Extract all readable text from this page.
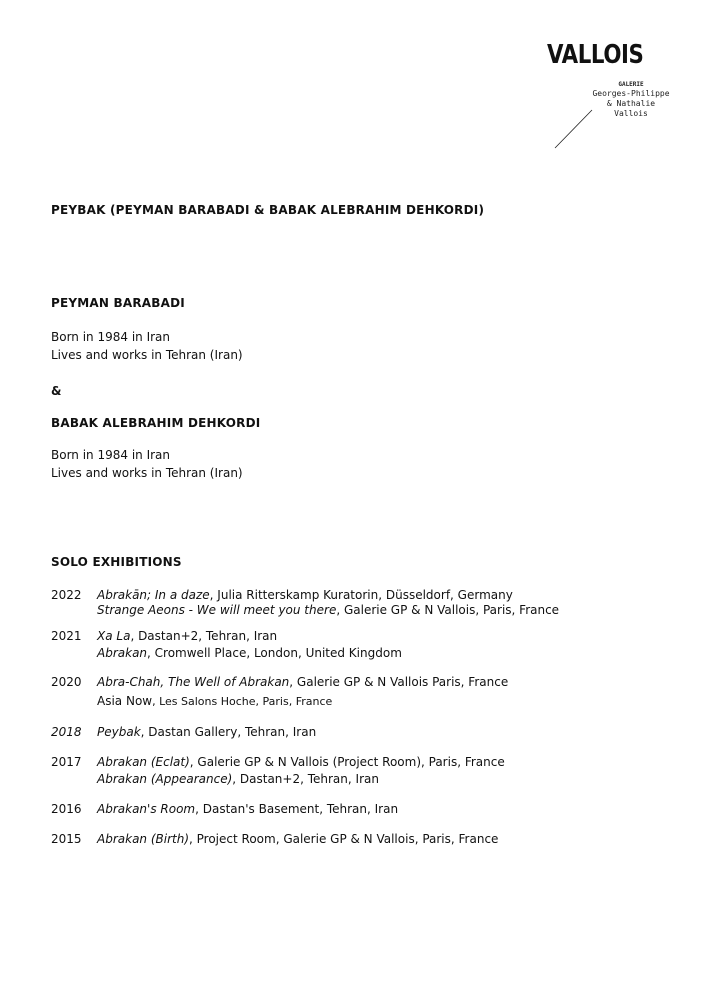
VALLOIS
GALERIE
Georges-Philippe
& Nathalie
Vallois
PEYBAK (PEYMAN BARABADI & BABAK ALEBRAHIM DEHKORDI)
PEYMAN BARABADI
Born in 1984 in Iran
Lives and works in Tehran (Iran)
&
BABAK ALEBRAHIM DEHKORDI
Born in 1984 in Iran
Lives and works in Tehran (Iran)
SOLO EXHIBITIONS
2022	Abrakān; In a daze, Julia Ritterskamp Kuratorin, Düsseldorf, Germany
Strange Aeons - We will meet you there, Galerie GP & N Vallois, Paris, France
2021	Xa La, Dastan+2, Tehran, Iran
Abrakan, Cromwell Place, London, United Kingdom
2020	Abra-Chah, The Well of Abrakan, Galerie GP & N Vallois Paris, France
Asia Now, Les Salons Hoche, Paris, France
2018	Peybak, Dastan Gallery, Tehran, Iran
2017	Abrakan (Eclat), Galerie GP & N Vallois (Project Room), Paris, France
Abrakan (Appearance), Dastan+2, Tehran, Iran
2016	Abrakan's Room, Dastan's Basement, Tehran, Iran
2015	Abrakan (Birth), Project Room, Galerie GP & N Vallois, Paris, France
